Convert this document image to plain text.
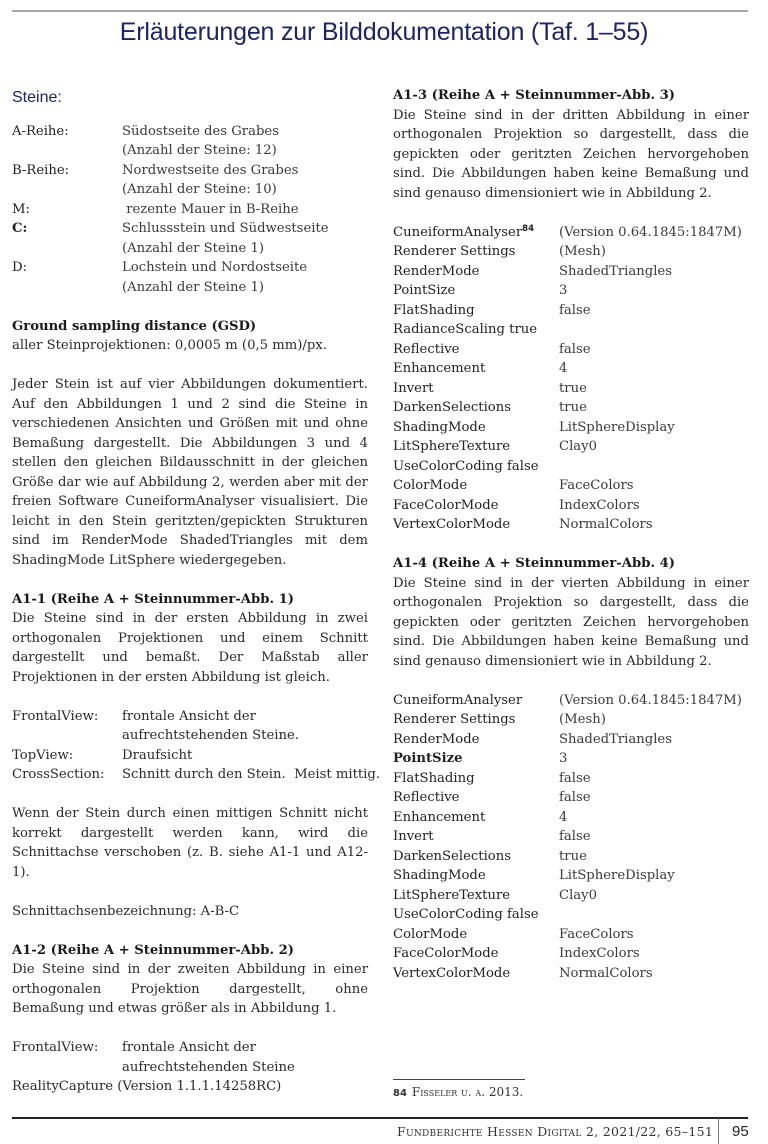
Erläuterungen zur Bilddokumentation (Taf. 1–55)
Steine:
A-Reihe:	Südostseite des Grabes
(Anzahl der Steine: 12)
B-Reihe:	Nordwestseite des Grabes
(Anzahl der Steine: 10)
M:	rezente Mauer in B-Reihe
C:	Schlussstein und Südwestseite
(Anzahl der Steine 1)
D:	Lochstein und Nordostseite
(Anzahl der Steine 1)
Ground sampling distance (GSD)
aller Steinprojektionen: 0,0005 m (0,5 mm)/px.

Jeder Stein ist auf vier Abbildungen dokumentiert. Auf den Abbildungen 1 und 2 sind die Steine in verschiedenen Ansichten und Größen mit und ohne Bemaßung dargestellt. Die Abbildungen 3 und 4 stellen den gleichen Bildausschnitt in der gleichen Größe dar wie auf Abbildung 2, werden aber mit der freien Software CuneiformAnalyser visualisiert. Die leicht in den Stein geritzten/gepickten Strukturen sind im RenderMode ShadedTriangles mit dem ShadingMode LitSphere wiedergegeben.

A1-1 (Reihe A + Steinnummer-Abb. 1)

Die Steine sind in der ersten Abbildung in zwei orthogonalen Projektionen und einem Schnitt dargestellt und bemaßt. Der Maßstab aller Projektionen in der ersten Abbildung ist gleich.

FrontalView:	frontale Ansicht der aufrechtstehenden Steine.
TopView:	Draufsicht
CrossSection:	Schnitt durch den Stein.  Meist mittig.

Wenn der Stein durch einen mittigen Schnitt nicht korrekt dargestellt werden kann, wird die Schnittachse verschoben (z. B. siehe A1-1 und A12-1).

Schnittachsenbezeichnung: A-B-C
A1-2 (Reihe A + Steinnummer-Abb. 2)

Die Steine sind in der zweiten Abbildung in einer orthogonalen Projektion dargestellt, ohne Bemaßung und etwas größer als in Abbildung 1.

FrontalView:	frontale Ansicht der aufrechtstehenden Steine
RealityCapture (Version 1.1.1.14258RC)
A1-3 (Reihe A + Steinnummer-Abb. 3)

Die Steine sind in der dritten Abbildung in einer orthogonalen Projektion so dargestellt, dass die gepickten oder geritzten Zeichen hervorgehoben sind. Die Abbildungen haben keine Bemaßung und sind genauso dimensioniert wie in Abbildung 2.

CuneiformAnalyser$^{84}$	(Version 0.64.1845:1847M)
Renderer Settings	(Mesh)
RenderMode	ShadedTriangles
PointSize	3
FlatShading	false
RadianceScaling true
Reflective	false
Enhancement	4
Invert	true
DarkenSelections	true
ShadingMode	LitSphereDisplay
LitSphereTexture	Clay0
UseColorCoding false
ColorMode	FaceColors
FaceColorMode	IndexColors
VertexColorMode	NormalColors
A1-4 (Reihe A + Steinnummer-Abb. 4)

Die Steine sind in der vierten Abbildung in einer orthogonalen Projektion so dargestellt, dass die gepickten oder geritzten Zeichen hervorgehoben sind. Die Abbildungen haben keine Bemaßung und sind genauso dimensioniert wie in Abbildung 2.

CuneiformAnalyser	(Version 0.64.1845:1847M)
Renderer Settings	(Mesh)
RenderMode	ShadedTriangles
PointSize	3
FlatShading	false
Reflective	false
Enhancement	4
Invert	false
DarkenSelections	true
ShadingMode	LitSphereDisplay
LitSphereTexture	Clay0
UseColorCoding false
ColorMode	FaceColors
FaceColorMode	IndexColors
VertexColorMode	NormalColors
84 Fisseler u. a. 2013.
Fundberichte Hessen Digital 2, 2021/22, 65–151 95
